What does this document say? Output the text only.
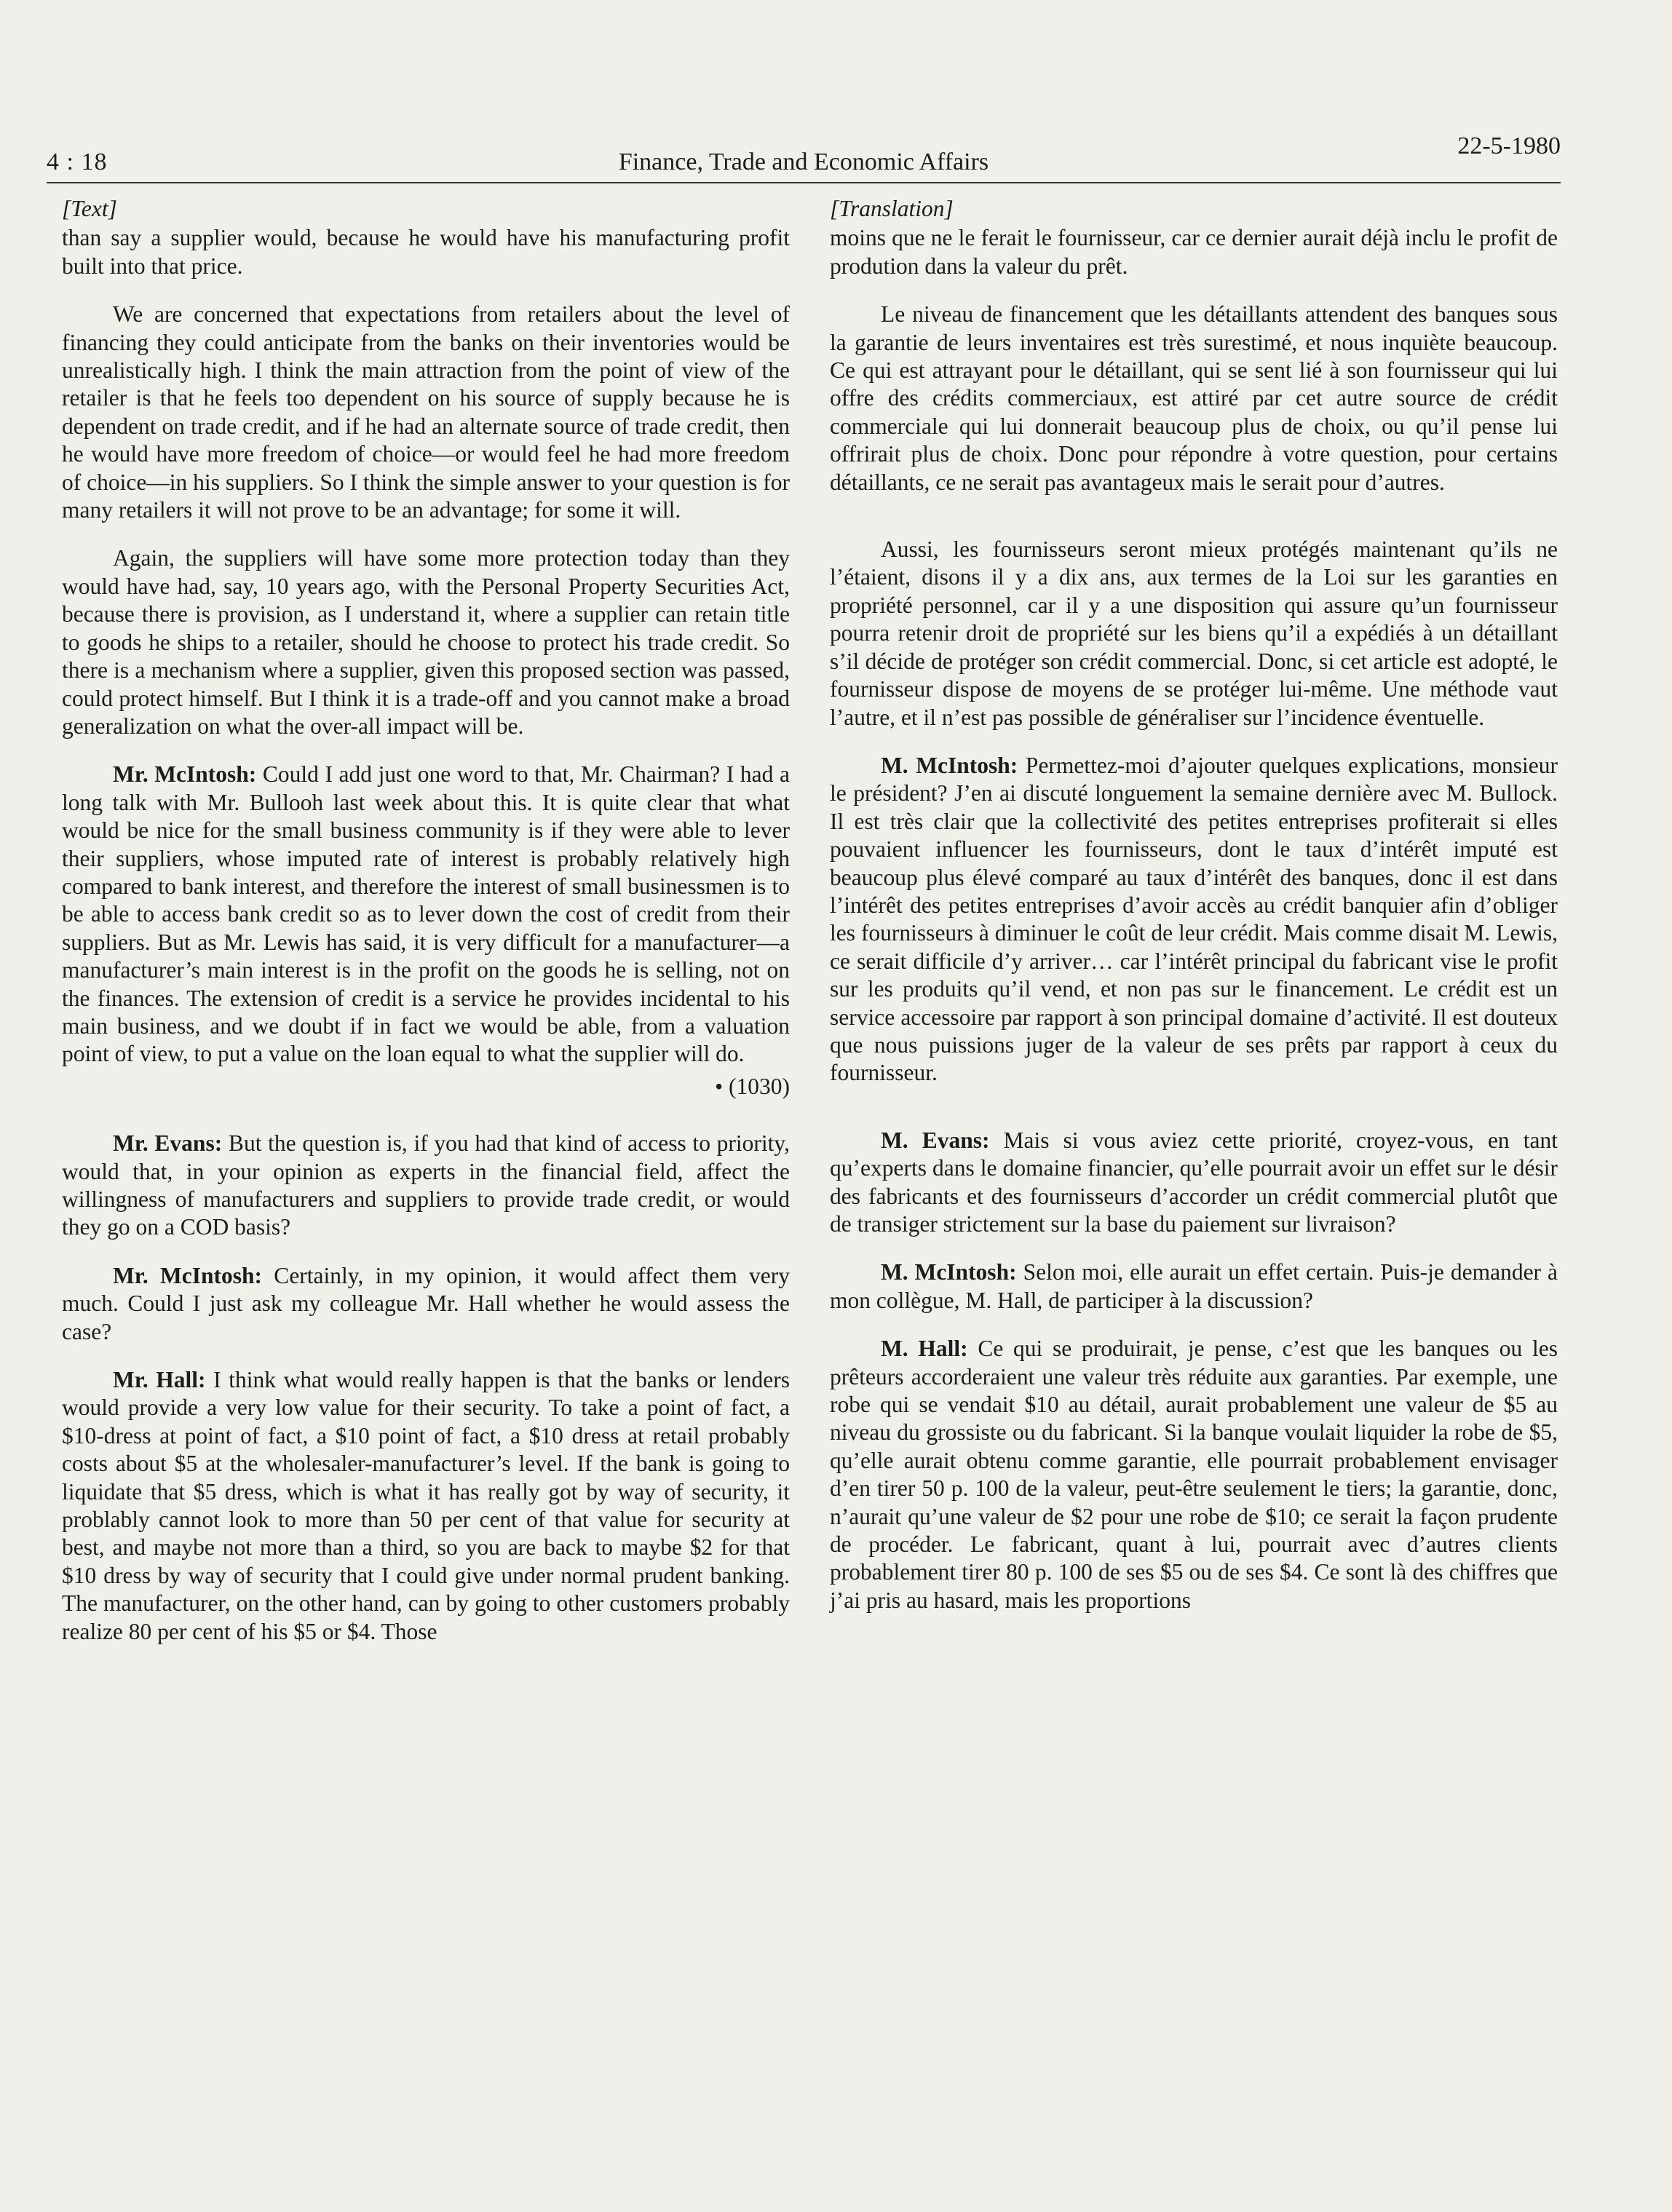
4 : 18	Finance, Trade and Economic Affairs
22-5-1980

[Text]

than say a supplier would, because he would have his manufacturing profit built into that price.

We are concerned that expectations from retailers about the level of financing they could anticipate from the banks on their inventories would be unrealistically high. I think the main attraction from the point of view of the retailer is that he feels too dependent on his source of supply because he is dependent on trade credit, and if he had an alternate source of trade credit, then he would have more freedom of choice—or would feel he had more freedom of choice—in his suppliers. So I think the simple answer to your question is for many retailers it will not prove to be an advantage; for some it will.

Again, the suppliers will have some more protection today than they would have had, say, 10 years ago, with the Personal Property Securities Act, because there is provision, as I understand it, where a supplier can retain title to goods he ships to a retailer, should he choose to protect his trade credit. So there is a mechanism where a supplier, given this proposed section was passed, could protect himself. But I think it is a trade-off and you cannot make a broad generalization on what the over-all impact will be.

Mr. McIntosh: Could I add just one word to that, Mr. Chairman? I had a long talk with Mr. Bullooh last week about this. It is quite clear that what would be nice for the small business community is if they were able to lever their suppliers, whose imputed rate of interest is probably relatively high compared to bank interest, and therefore the interest of small businessmen is to be able to access bank credit so as to lever down the cost of credit from their suppliers. But as Mr. Lewis has said, it is very difficult for a manufacturer—a manufacturer’s main interest is in the profit on the goods he is selling, not on the finances. The extension of credit is a service he provides incidental to his main business, and we doubt if in fact we would be able, from a valuation point of view, to put a value on the loan equal to what the supplier will do.

• (1030)

Mr. Evans: But the question is, if you had that kind of access to priority, would that, in your opinion as experts in the financial field, affect the willingness of manufacturers and suppliers to provide trade credit, or would they go on a COD basis?

Mr. McIntosh: Certainly, in my opinion, it would affect them very much. Could I just ask my colleague Mr. Hall whether he would assess the case?

Mr. Hall: I think what would really happen is that the banks or lenders would provide a very low value for their security. To take a point of fact, a $10-dress at point of fact, a $10 point of fact, a $10 dress at retail probably costs about $5 at the wholesaler-manufacturer’s level. If the bank is going to liquidate that $5 dress, which is what it has really got by way of security, it problably cannot look to more than 50 per cent of that value for security at best, and maybe not more than a third, so you are back to maybe $2 for that $10 dress by way of security that I could give under normal prudent banking. The manufacturer, on the other hand, can by going to other customers probably realize 80 per cent of his $5 or $4. Those

[Translation]

moins que ne le ferait le fournisseur, car ce dernier aurait déjà inclu le profit de prodution dans la valeur du prêt.

Le niveau de financement que les détaillants attendent des banques sous la garantie de leurs inventaires est très surestimé, et nous inquiète beaucoup. Ce qui est attrayant pour le détaillant, qui se sent lié à son fournisseur qui lui offre des crédits commerciaux, est attiré par cet autre source de crédit commerciale qui lui donnerait beaucoup plus de choix, ou qu’il pense lui offrirait plus de choix. Donc pour répondre à votre question, pour certains détaillants, ce ne serait pas avantageux mais le serait pour d’autres.

Aussi, les fournisseurs seront mieux protégés maintenant qu’ils ne l’étaient, disons il y a dix ans, aux termes de la Loi sur les garanties en propriété personnel, car il y a une disposition qui assure qu’un fournisseur pourra retenir droit de propriété sur les biens qu’il a expédiés à un détaillant s’il décide de protéger son crédit commercial. Donc, si cet article est adopté, le fournisseur dispose de moyens de se protéger lui-même. Une méthode vaut l’autre, et il n’est pas possible de généraliser sur l’incidence éventuelle.

M. McIntosh: Permettez-moi d’ajouter quelques explications, monsieur le président? J’en ai discuté longuement la semaine dernière avec M. Bullock. Il est très clair que la collectivité des petites entreprises profiterait si elles pouvaient influencer les fournisseurs, dont le taux d’intérêt imputé est beaucoup plus élevé comparé au taux d’intérêt des banques, donc il est dans l’intérêt des petites entreprises d’avoir accès au crédit banquier afin d’obliger les fournisseurs à diminuer le coût de leur crédit. Mais comme disait M. Lewis, ce serait difficile d’y arriver… car l’intérêt principal du fabricant vise le profit sur les produits qu’il vend, et non pas sur le financement. Le crédit est un service accessoire par rapport à son principal domaine d’activité. Il est douteux que nous puissions juger de la valeur de ses prêts par rapport à ceux du fournisseur.

M. Evans: Mais si vous aviez cette priorité, croyez-vous, en tant qu’experts dans le domaine financier, qu’elle pourrait avoir un effet sur le désir des fabricants et des fournisseurs d’accorder un crédit commercial plutôt que de transiger strictement sur la base du paiement sur livraison?

M. McIntosh: Selon moi, elle aurait un effet certain. Puis-je demander à mon collègue, M. Hall, de participer à la discussion?

M. Hall: Ce qui se produirait, je pense, c’est que les banques ou les prêteurs accorderaient une valeur très réduite aux garanties. Par exemple, une robe qui se vendait $10 au détail, aurait probablement une valeur de $5 au niveau du grossiste ou du fabricant. Si la banque voulait liquider la robe de $5, qu’elle aurait obtenu comme garantie, elle pourrait probablement envisager d’en tirer 50 p. 100 de la valeur, peut-être seulement le tiers; la garantie, donc, n’aurait qu’une valeur de $2 pour une robe de $10; ce serait la façon prudente de procéder. Le fabricant, quant à lui, pourrait avec d’autres clients probablement tirer 80 p. 100 de ses $5 ou de ses $4. Ce sont là des chiffres que j’ai pris au hasard, mais les proportions
